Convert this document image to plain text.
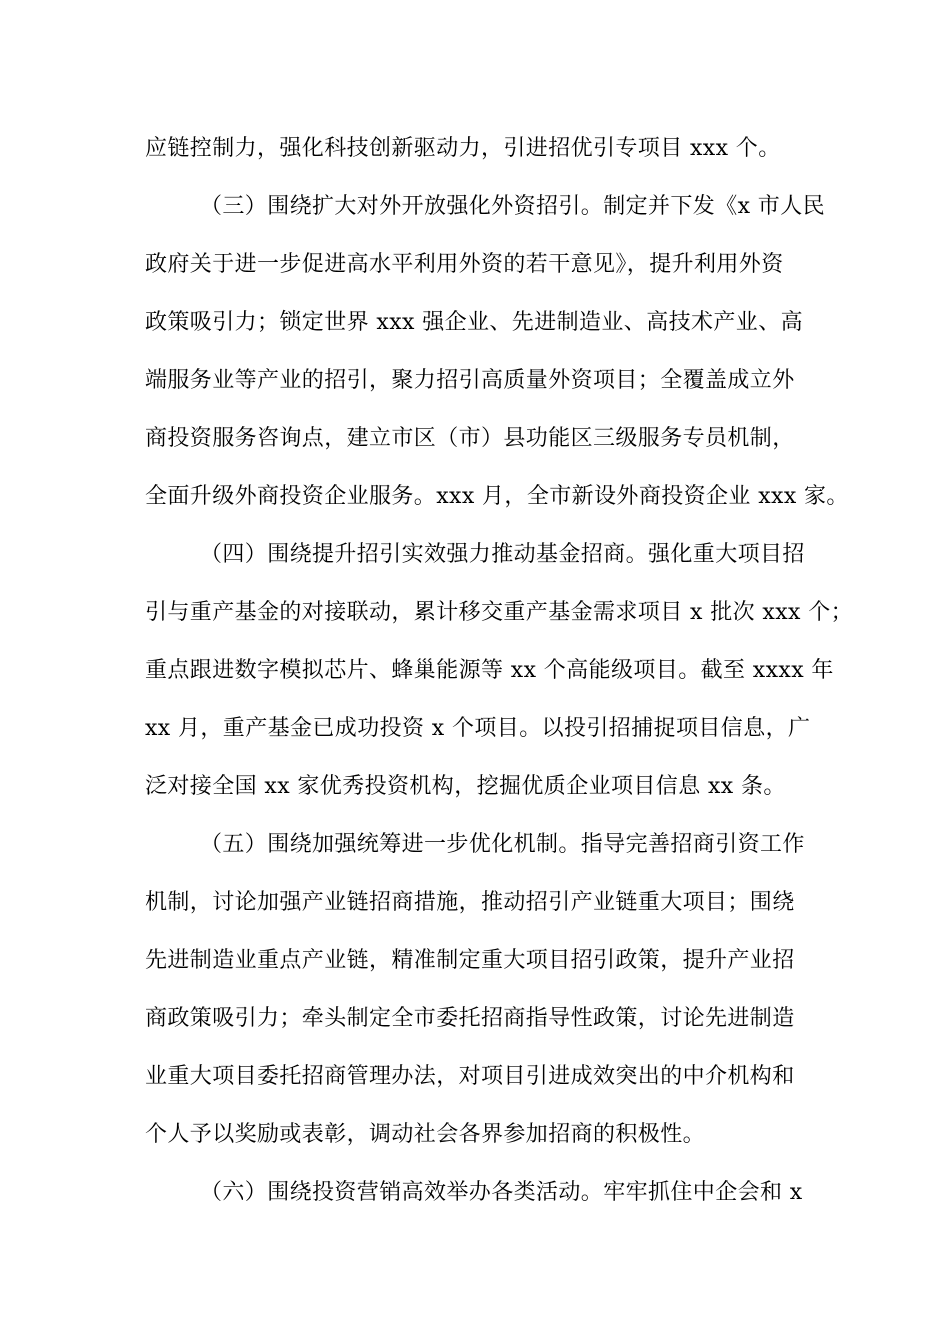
应链控制力，强化科技创新驱动力，引进招优引专项目 xxx 个。
（三）围绕扩大对外开放强化外资招引。制定并下发《x 市人民
政府关于进一步促进高水平利用外资的若干意见》，提升利用外资
政策吸引力；锁定世界 xxx 强企业、先进制造业、高技术产业、高
端服务业等产业的招引，聚力招引高质量外资项目；全覆盖成立外
商投资服务咨询点，建立市区（市）县功能区三级服务专员机制，
全面升级外商投资企业服务。xxx 月，全市新设外商投资企业 xxx 家。
（四）围绕提升招引实效强力推动基金招商。强化重大项目招
引与重产基金的对接联动，累计移交重产基金需求项目 x 批次 xxx 个；
重点跟进数字模拟芯片、蜂巢能源等 xx 个高能级项目。截至 xxxx 年
xx 月，重产基金已成功投资 x 个项目。以投引招捕捉项目信息，广
泛对接全国 xx 家优秀投资机构，挖掘优质企业项目信息 xx 条。
（五）围绕加强统筹进一步优化机制。指导完善招商引资工作
机制，讨论加强产业链招商措施，推动招引产业链重大项目；围绕
先进制造业重点产业链，精准制定重大项目招引政策，提升产业招
商政策吸引力；牵头制定全市委托招商指导性政策，讨论先进制造
业重大项目委托招商管理办法，对项目引进成效突出的中介机构和
个人予以奖励或表彰，调动社会各界参加招商的积极性。
（六）围绕投资营销高效举办各类活动。牢牢抓住中企会和 x
